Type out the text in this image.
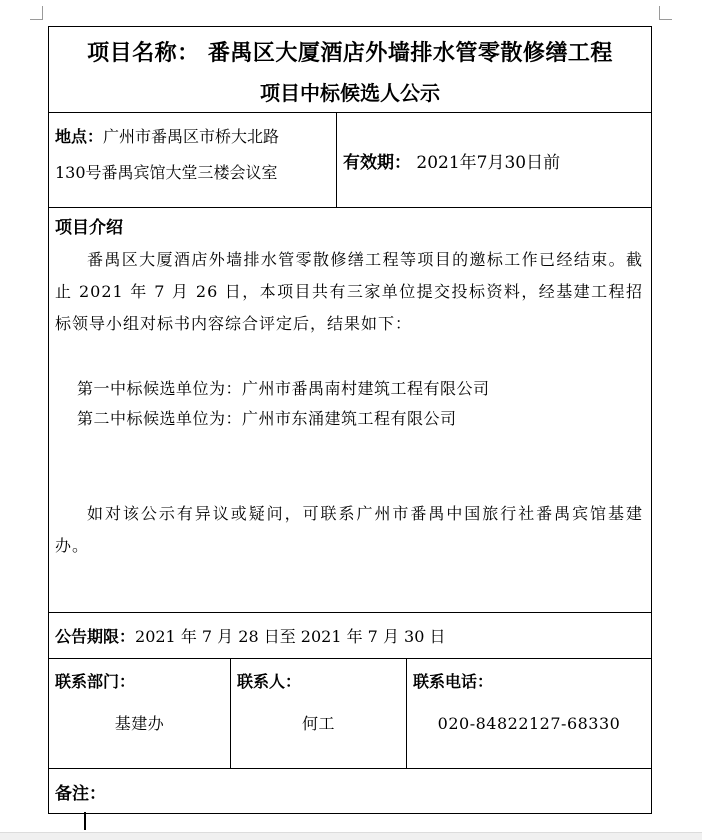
项目名称： 番禺区大厦酒店外墙排水管零散修缮工程
项目中标候选人公示
地点：广州市番禺区市桥大北路
130号番禺宾馆大堂三楼会议室	有效期：
2021年7月30日前
项目介绍
番禺区大厦酒店外墙排水管零散修缮工程等项目的邀标工作已经结束。截止 2021 年 7 月 26 日，本项目共有三家单位提交投标资料，经基建工程招标领导小组对标书内容综合评定后，结果如下：
第一中标候选单位为：广州市番禺南村建筑工程有限公司
第二中标候选单位为：广州市东涌建筑工程有限公司
如对该公示有异议或疑问，可联系广州市番禺中国旅行社番禺宾馆基建办。
公告期限： 2021 年 7 月 28 日至 2021 年 7 月 30 日
联系部门：
基建办
联系人：
何工
联系电话：
020-84822127-68330
备注：
